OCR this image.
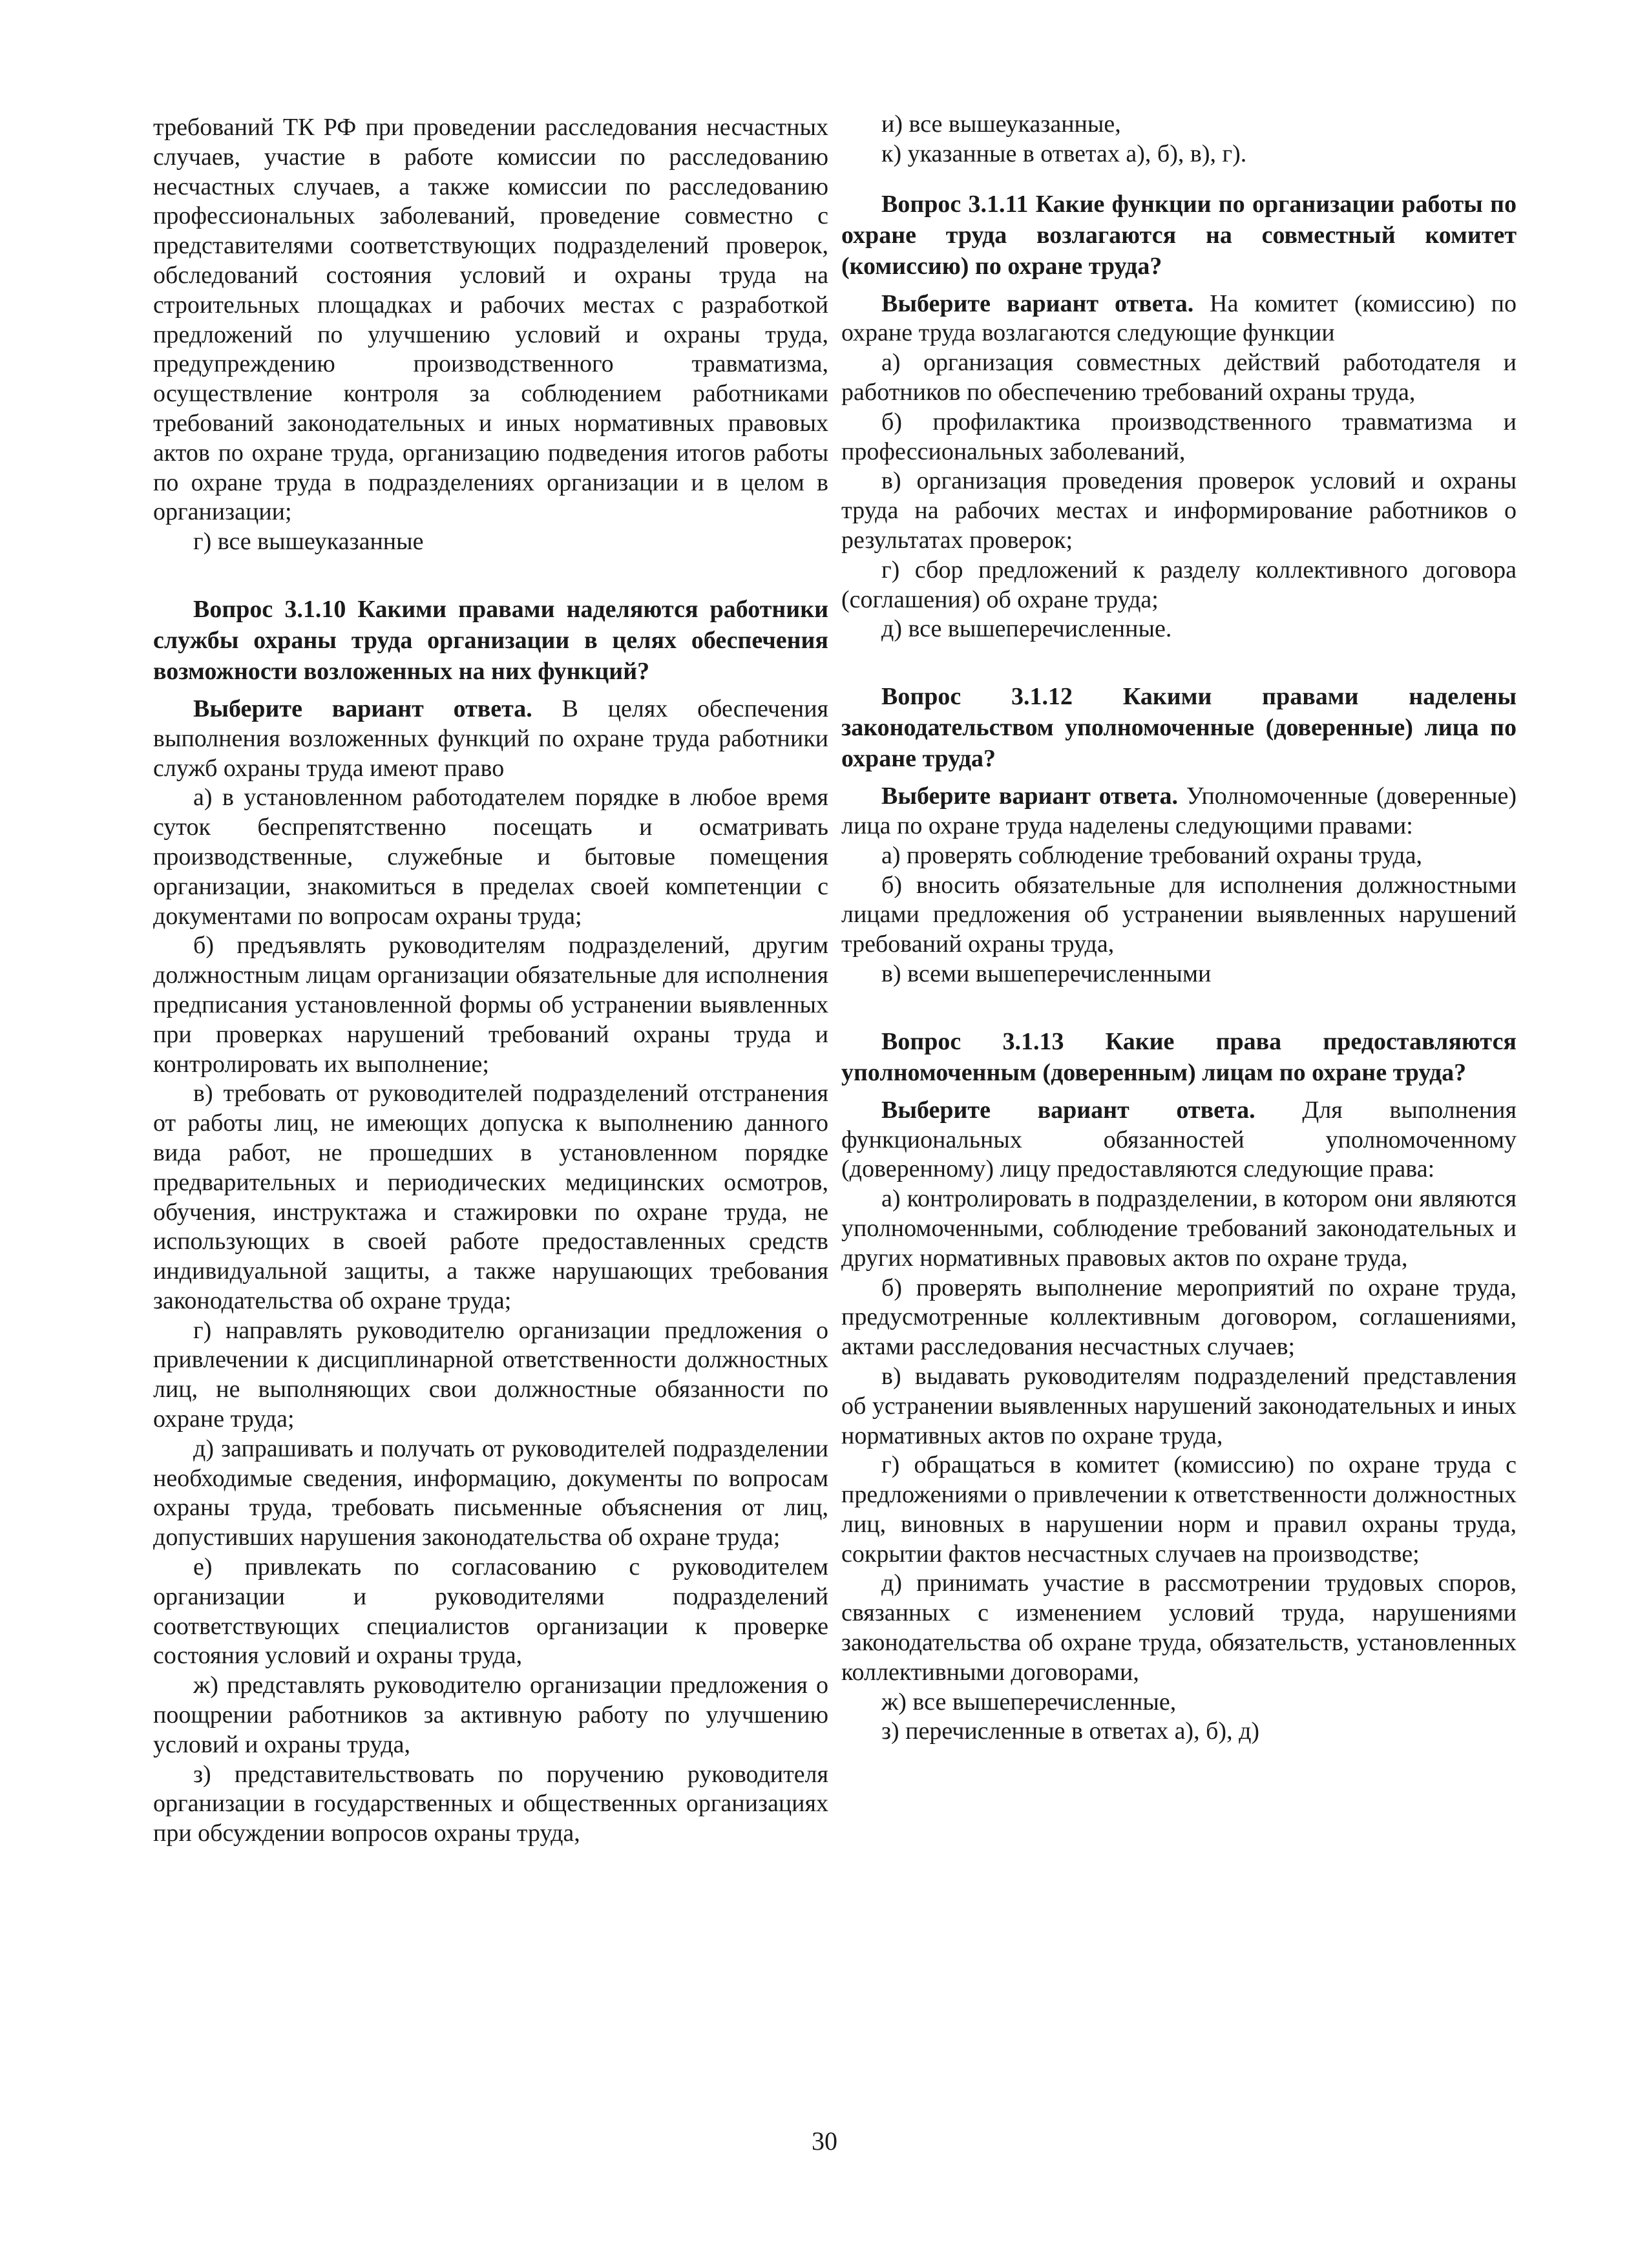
требований ТК РФ при проведении расследования несчастных случаев, участие в работе комиссии по расследованию несчастных случаев, а также комиссии по расследованию профессиональных заболеваний, проведение совместно с представителями соответствующих подразделений проверок, обследований состояния условий и охраны труда на строительных площадках и рабочих местах с разработкой предложений по улучшению условий и охраны труда, предупреждению производственного травматизма, осуществление контроля за соблюдением работниками требований законодательных и иных нормативных правовых актов по охране труда, организацию подведения итогов работы по охране труда в подразделениях организации и в целом в организации;

г) все вышеуказанные

Вопрос 3.1.10 Какими правами наделяются работники службы охраны труда организации в целях обеспечения возможности возложенных на них функций?

Выберите вариант ответа. В целях обеспечения выполнения возложенных функций по охране труда работники служб охраны труда имеют право

а) в установленном работодателем порядке в любое время суток беспрепятственно посещать и осматривать производственные, служебные и бытовые помещения организации, знакомиться в пределах своей компетенции с документами по вопросам охраны труда;

б) предъявлять руководителям подразделений, другим должностным лицам организации обязательные для исполнения предписания установленной формы об устранении выявленных при проверках нарушений требований охраны труда и контролировать их выполнение;

в) требовать от руководителей подразделений отстранения от работы лиц, не имеющих допуска к выполнению данного вида работ, не прошедших в установленном порядке предварительных и периодических медицинских осмотров, обучения, инструктажа и стажировки по охране труда, не использующих в своей работе предоставленных средств индивидуальной защиты, а также нарушающих требования законодательства об охране труда;

г) направлять руководителю организации предложения о привлечении к дисциплинарной ответственности должностных лиц, не выполняющих свои должностные обязанности по охране труда;

д) запрашивать и получать от руководителей подразделении необходимые сведения, информацию, документы по вопросам охраны труда, требовать письменные объяснения от лиц, допустивших нарушения законодательства об охране труда;

е) привлекать по согласованию с руководителем организации и руководителями подразделений соответствующих специалистов организации к проверке состояния условий и охраны труда,

ж) представлять руководителю организации предложения о поощрении работников за активную работу по улучшению условий и охраны труда,

з) представительствовать по поручению руководителя организации в государственных и общественных организациях при обсуждении вопросов охраны труда,

и) все вышеуказанные,

к) указанные в ответах а), б), в), г).

Вопрос 3.1.11 Какие функции по организации работы по охране труда возлагаются на совместный комитет (комиссию) по охране труда?

Выберите вариант ответа. На комитет (комиссию) по охране труда возлагаются следующие функции

а) организация совместных действий работодателя и работников по обеспечению требований охраны труда,

б) профилактика производственного травматизма и профессиональных заболеваний,

в) организация проведения проверок условий и охраны труда на рабочих местах и информирование работников о результатах проверок;

г) сбор предложений к разделу коллективного договора (соглашения) об охране труда;

д) все вышеперечисленные.

Вопрос 3.1.12 Какими правами наделены законодательством уполномоченные (доверенные) лица по охране труда?

Выберите вариант ответа. Уполномоченные (доверенные) лица по охране труда наделены следующими правами:

а) проверять соблюдение требований охраны труда,

б) вносить обязательные для исполнения должностными лицами предложения об устранении выявленных нарушений требований охраны труда,

в) всеми вышеперечисленными

Вопрос 3.1.13 Какие права предоставляются уполномоченным (доверенным) лицам по охране труда?

Выберите вариант ответа. Для выполнения функциональных обязанностей уполномоченному (доверенному) лицу предоставляются следующие права:

а) контролировать в подразделении, в котором они являются уполномоченными, соблюдение требований законодательных и других нормативных правовых актов по охране труда,

б) проверять выполнение мероприятий по охране труда, предусмотренные коллективным договором, соглашениями, актами расследования несчастных случаев;

в) выдавать руководителям подразделений представления об устранении выявленных нарушений законодательных и иных нормативных актов по охране труда,

г) обращаться в комитет (комиссию) по охране труда с предложениями о привлечении к ответственности должностных лиц, виновных в нарушении норм и правил охраны труда, сокрытии фактов несчастных случаев на производстве;

д) принимать участие в рассмотрении трудовых споров, связанных с изменением условий труда, нарушениями законодательства об охране труда, обязательств, установленных коллективными договорами,

ж) все вышеперечисленные,

з) перечисленные в ответах а), б), д)

30
